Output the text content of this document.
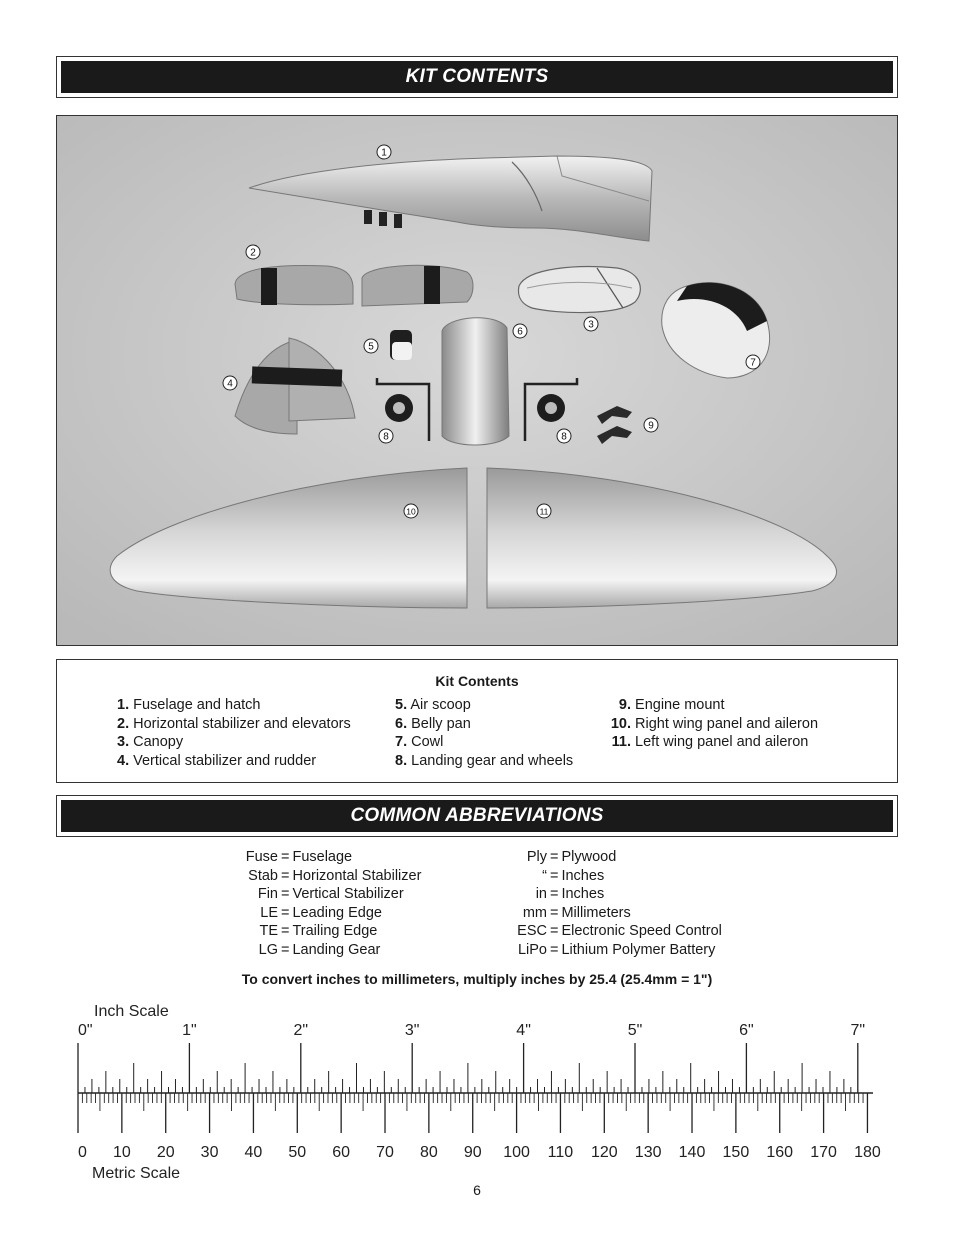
KIT CONTENTS
1
2
3
4
5
6
7
8	8
9
10	11
Kit Contents
1. Fuselage and hatch
2. Horizontal stabilizer and elevators
3. Canopy
4. Vertical stabilizer and rudder
5. Air scoop
6. Belly pan
7. Cowl
8. Landing gear and wheels
9. Engine mount
10. Right wing panel and aileron
11. Left wing panel and aileron
COMMON ABBREVIATIONS
Fuse = Fuselage
Stab = Horizontal Stabilizer
Fin = Vertical Stabilizer
LE = Leading Edge
TE = Trailing Edge
LG = Landing Gear
Ply = Plywood
“ = Inches
in = Inches
mm = Millimeters
ESC = Electronic Speed Control
LiPo = Lithium Polymer Battery
To convert inches to millimeters, multiply inches by 25.4 (25.4mm = 1")
Inch Scale
Metric Scale
0"	1"	2"	3"	4"	5"	6"	7"
0 10 20 30 40 50 60 70 80 90 100 110 120 130 140 150 160 170 180
6
